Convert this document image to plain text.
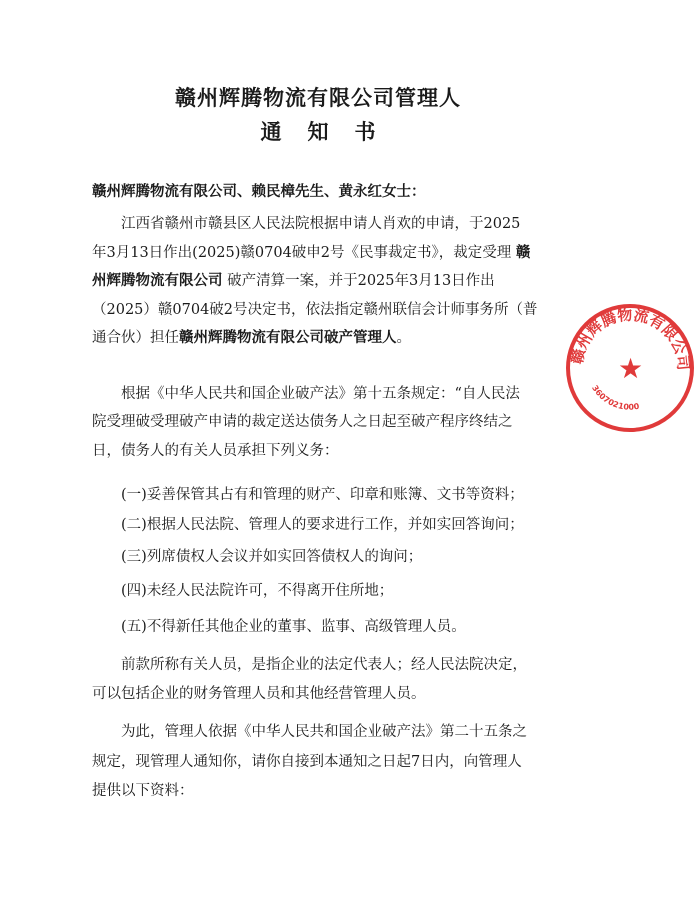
赣州辉腾物流有限公司管理人
通知书
赣州辉腾物流有限公司、赖民樟先生、黄永红女士：
江西省赣州市赣县区人民法院根据申请人肖欢的申请，于2025
年3月13日作出(2025)赣0704破申2号《民事裁定书》，裁定受理 赣
州辉腾物流有限公司 破产清算一案，并于2025年3月13日作出
（2025）赣0704破2号决定书，依法指定赣州联信会计师事务所（普
通合伙）担任赣州辉腾物流有限公司破产管理人。
根据《中华人民共和国企业破产法》第十五条规定：“自人民法
院受理破受理破产申请的裁定送达债务人之日起至破产程序终结之
日，债务人的有关人员承担下列义务：
(一)妥善保管其占有和管理的财产、印章和账簿、文书等资料；
(二)根据人民法院、管理人的要求进行工作，并如实回答询问；
(三)列席债权人会议并如实回答债权人的询问；
(四)未经人民法院许可，不得离开住所地；
(五)不得新任其他企业的董事、监事、高级管理人员。
前款所称有关人员，是指企业的法定代表人；经人民法院决定，
可以包括企业的财务管理人员和其他经营管理人员。
为此，管理人依据《中华人民共和国企业破产法》第二十五条之
规定，现管理人通知你，请你自接到本通知之日起7日内，向管理人
提供以下资料：
赣州辉腾物流有限公司
★
3607021000
